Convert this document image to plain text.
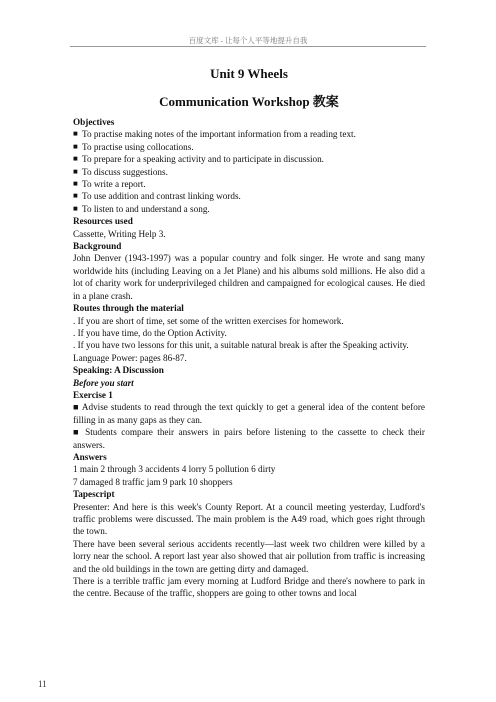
百度文库 - 让每个人平等地提升自我
Unit 9 Wheels
Communication Workshop 教案
Objectives
■ To practise making notes of the important information from a reading text.
■ To practise using collocations.
■ To prepare for a speaking activity and to participate in discussion.
■ To discuss suggestions.
■ To write a report.
■ To use addition and contrast linking words.
■ To listen to and understand a song.
Resources used
Cassette, Writing Help 3.
Background
John Denver (1943-1997) was a popular country and folk singer. He wrote and sang many worldwide hits (including Leaving on a Jet Plane) and his albums sold millions. He also did a lot of charity work for underprivileged children and campaigned for ecological causes. He died in a plane crash.
Routes through the material
. If you are short of time, set some of the written exercises for homework.
. If you have time, do the Option Activity.
. If you have two lessons for this unit, a suitable natural break is after the Speaking activity.
Language Power: pages 86-87.
Speaking: A Discussion
Before you start
Exercise 1
■ Advise students to read through the text quickly to get a general idea of the content before filling in as many gaps as they can.
■ Students compare their answers in pairs before listening to the cassette to check their answers.
Answers
1 main 2 through 3 accidents 4 lorry 5 pollution 6 dirty
7 damaged 8 traffic jam 9 park 10 shoppers
Tapescript
Presenter: And here is this week's County Report. At a council meeting yesterday, Ludford's traffic problems were discussed. The main problem is the A49 road, which goes right through the town.
There have been several serious accidents recently—last week two children were killed by a lorry near the school. A report last year also showed that air pollution from traffic is increasing and the old buildings in the town are getting dirty and damaged.
There is a terrible traffic jam every morning at Ludford Bridge and there's nowhere to park in the centre. Because of the traffic, shoppers are going to other towns and local
11
